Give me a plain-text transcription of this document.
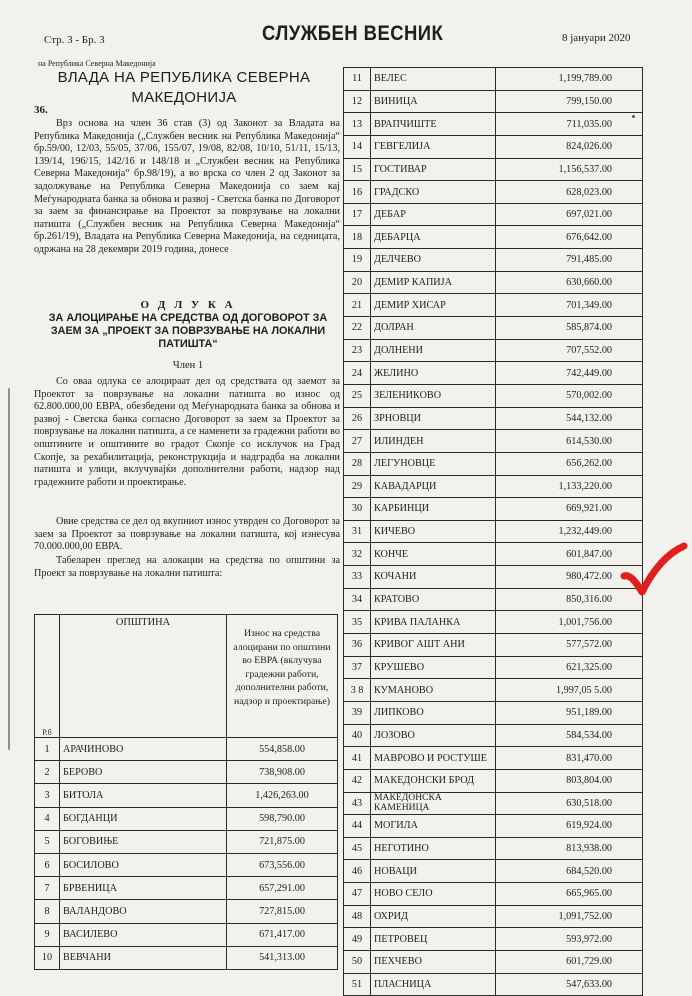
Стр. 3 - Бр. 3	СЛУЖБЕН ВЕСНИК	8 јануари 2020
на Република Северна Македонија
ВЛАДА НА РЕПУБЛИКА СЕВЕРНА МАКЕДОНИЈА
36.
Врз основа на член 36 став (3) од Законот за Владата на Република Македонија („Службен весник на Република Македонија“ бр.59/00, 12/03, 55/05, 37/06, 155/07, 19/08, 82/08, 10/10, 51/11, 15/13, 139/14, 196/15, 142/16 и 148/18 и „Службен весник на Република Северна Македонија“ бр.98/19), а во врска со член 2 од Законот за задолжување на Република Северна Македонија со заем кај Меѓународната банка за обнова и развој - Светска банка по Договорот за заем за финансирање на Проектот за поврзување на локални патишта („Службен весник на Република Северна Македонија“ бр.261/19), Владата на Република Северна Македонија, на седницата, одржана на 28 декември 2019 година, донесе
О Д Л У К А
ЗА АЛОЦИРАЊЕ НА СРЕДСТВА ОД ДОГОВОРОТ ЗА ЗАЕМ ЗА „ПРОЕКТ ЗА ПОВРЗУВАЊЕ НА ЛОКАЛНИ ПАТИШТА“
Член 1
Со оваа одлука се алоцираат дел од средствата од заемот за Проектот за поврзување на локални патишта во износ од 62.800.000,00 ЕВРА, обезбедени од Меѓународната банка за обнова и развој - Светска банка согласно Договорот за заем за Проектот за поврзување на локални патишта, а се наменети за градежни работи во општините и општините во градот Скопје со исклучок на Град Скопје, за рехабилитација, реконструкција и надградба на локални патишта и улици, вклучувајќи дополнителни работи, надзор над градежните работи и проектирање.
Овие средства се дел од вкупниот износ утврден со Договорот за заем за Проектот за поврзување на локални патишта, кој изнесува 70.000.000,00 ЕВРА.
Табеларен преглед на алокации на средства по општини за Проект за поврзување на локални патишта:
Р.б	ОПШТИНА	Износ на средства алоцирани по општини во ЕВРА (вклучува градежни работи, дополнителни работи, надзор и проектирање)
1	АРАЧИНОВО	554,858.00
2	БЕРОВО	738,908.00
3	БИТОЛА	1,426,263.00
4	БОГДАНЦИ	598,790.00
5	БОГОВИЊЕ	721,875.00
6	БОСИЛОВО	673,556.00
7	БРВЕНИЦА	657,291.00
8	ВАЛАНДОВО	727,815.00
9	ВАСИЛЕВО	671,417.00
10	ВЕВЧАНИ	541,313.00
11	ВЕЛЕС	1,199,789.00
12	ВИНИЦА	799,150.00
13	ВРАПЧИШТЕ	711,035.00
14	ГЕВГЕЛИЈА	824,026.00
15	ГОСТИВАР	1,156,537.00
16	ГРАДСКО	628,023.00
17	ДЕБАР	697,021.00
18	ДЕБАРЦА	676,642.00
19	ДЕЛЧЕВО	791,485.00
20	ДЕМИР КАПИЈА	630,660.00
21	ДЕМИР ХИСАР	701,349.00
22	ДОЛРАН	585,874.00
23	ДОЛНЕНИ	707,552.00
24	ЖЕЛИНО	742,449.00
25	ЗЕЛЕНИКОВО	570,002.00
26	ЗРНОВЦИ	544,132.00
27	ИЛИНДЕН	614,530.00
28	ЛЕГУНОВЦЕ	656,262.00
29	КАВАДАРЦИ	1,133,220.00
30	КАРБИНЦИ	669,921.00
31	КИЧЕВО	1,232,449.00
32	КОНЧЕ	601,847.00
33	КОЧАНИ	980,472.00
34	КРАТОВО	850,316.00
35	КРИВА ПАЛАНКА	1,001,756.00
36	КРИВОГ АШТ АНИ	577,572.00
37	КРУШЕВО	621,325.00
3 8	КУМАНОВО	1,997,05 5.00
39	ЛИПКОВО	951,189.00
40	ЛОЗОВО	584,534.00
41	МАВРОВО И РОСТУШЕ	831,470.00
42	МАКЕДОНСКИ БРОД	803,804.00
43	МАКЕДОНСКА КАМЕНИЦА	630,518.00
44	МОГИЛА	619,924.00
45	НЕГОТИНО	813,938.00
46	НОВАЦИ	684,520.00
47	НОВО СЕЛО	665,965.00
48	ОХРИД	1,091,752.00
49	ПЕТРОВЕЦ	593,972.00
50	ПЕХЧЕВО	601,729.00
51	ПЛАСНИЦА	547,633.00
